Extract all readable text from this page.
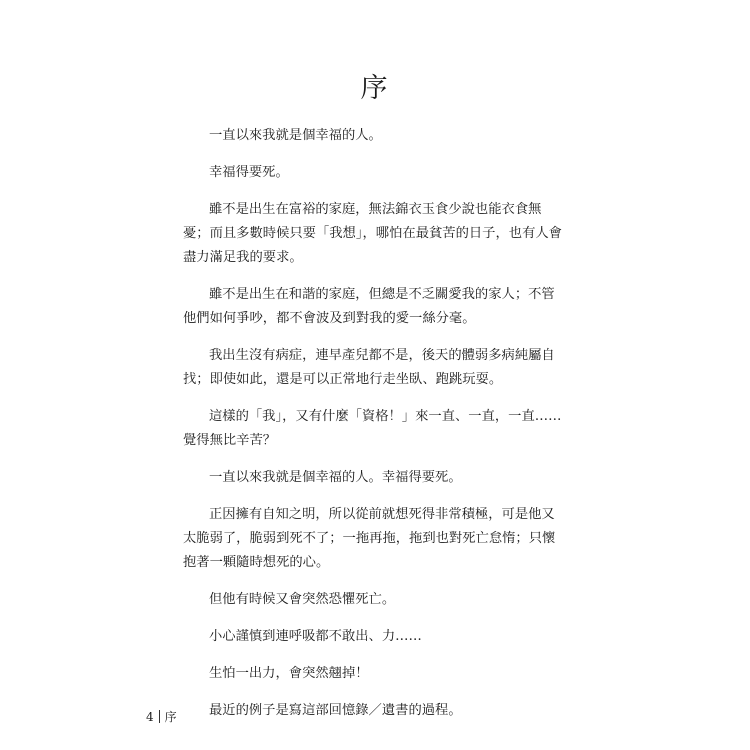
序

一直以來我就是個幸福的人。

幸福得要死。

雖不是出生在富裕的家庭，無法錦衣玉食少說也能衣食無憂；而且多數時候只要「我想」，哪怕在最貧苦的日子，也有人會盡力滿足我的要求。

雖不是出生在和諧的家庭，但總是不乏關愛我的家人；不管他們如何爭吵，都不會波及到對我的愛一絲分毫。

我出生沒有病症，連早產兒都不是，後天的體弱多病純屬自找；即使如此，還是可以正常地行走坐臥、跑跳玩耍。

這樣的「我」，又有什麼「資格！」來一直、一直，一直……覺得無比辛苦？

一直以來我就是個幸福的人。幸福得要死。

正因擁有自知之明，所以從前就想死得非常積極，可是他又太脆弱了，脆弱到死不了；一拖再拖，拖到也對死亡怠惰；只懷抱著一顆隨時想死的心。

但他有時候又會突然恐懼死亡。

小心謹慎到連呼吸都不敢出、力……

生怕一出力，會突然翹掉！

最近的例子是寫這部回憶錄／遺書的過程。

4 序
